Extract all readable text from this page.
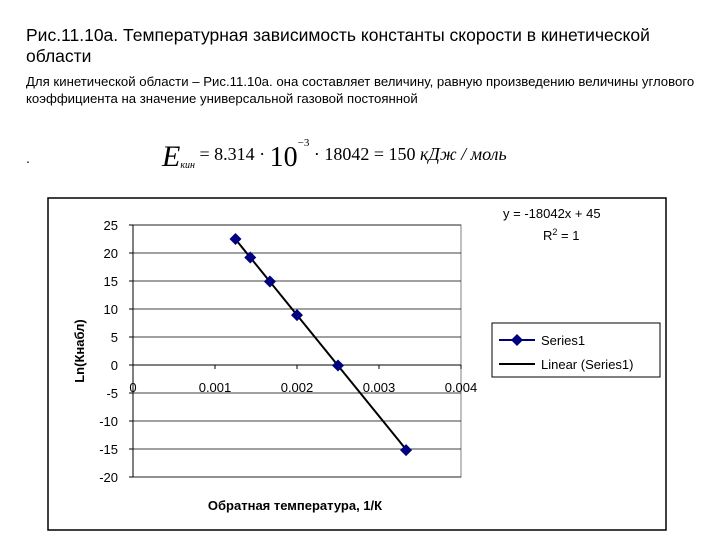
Рис.11.10а. Температурная зависимость константы скорости в кинетической области
Для кинетической области – Рис.11.10а. она составляет величину, равную произведению величины углового коэффициента на значение универсальной газовой постоянной
.	$E_{кин} = 8.314 \cdot 10^{-3} \cdot 18042 = 150$ кДж / моль
25
20
15
10
5
0
-5
-10
-15
-20
0	0.001	0.002	0.003	0.004
Ln(Кнабл)
Обратная температура, 1/К
y = -18042x + 45
$R^2 = 1$
Series1
Linear (Series1)
